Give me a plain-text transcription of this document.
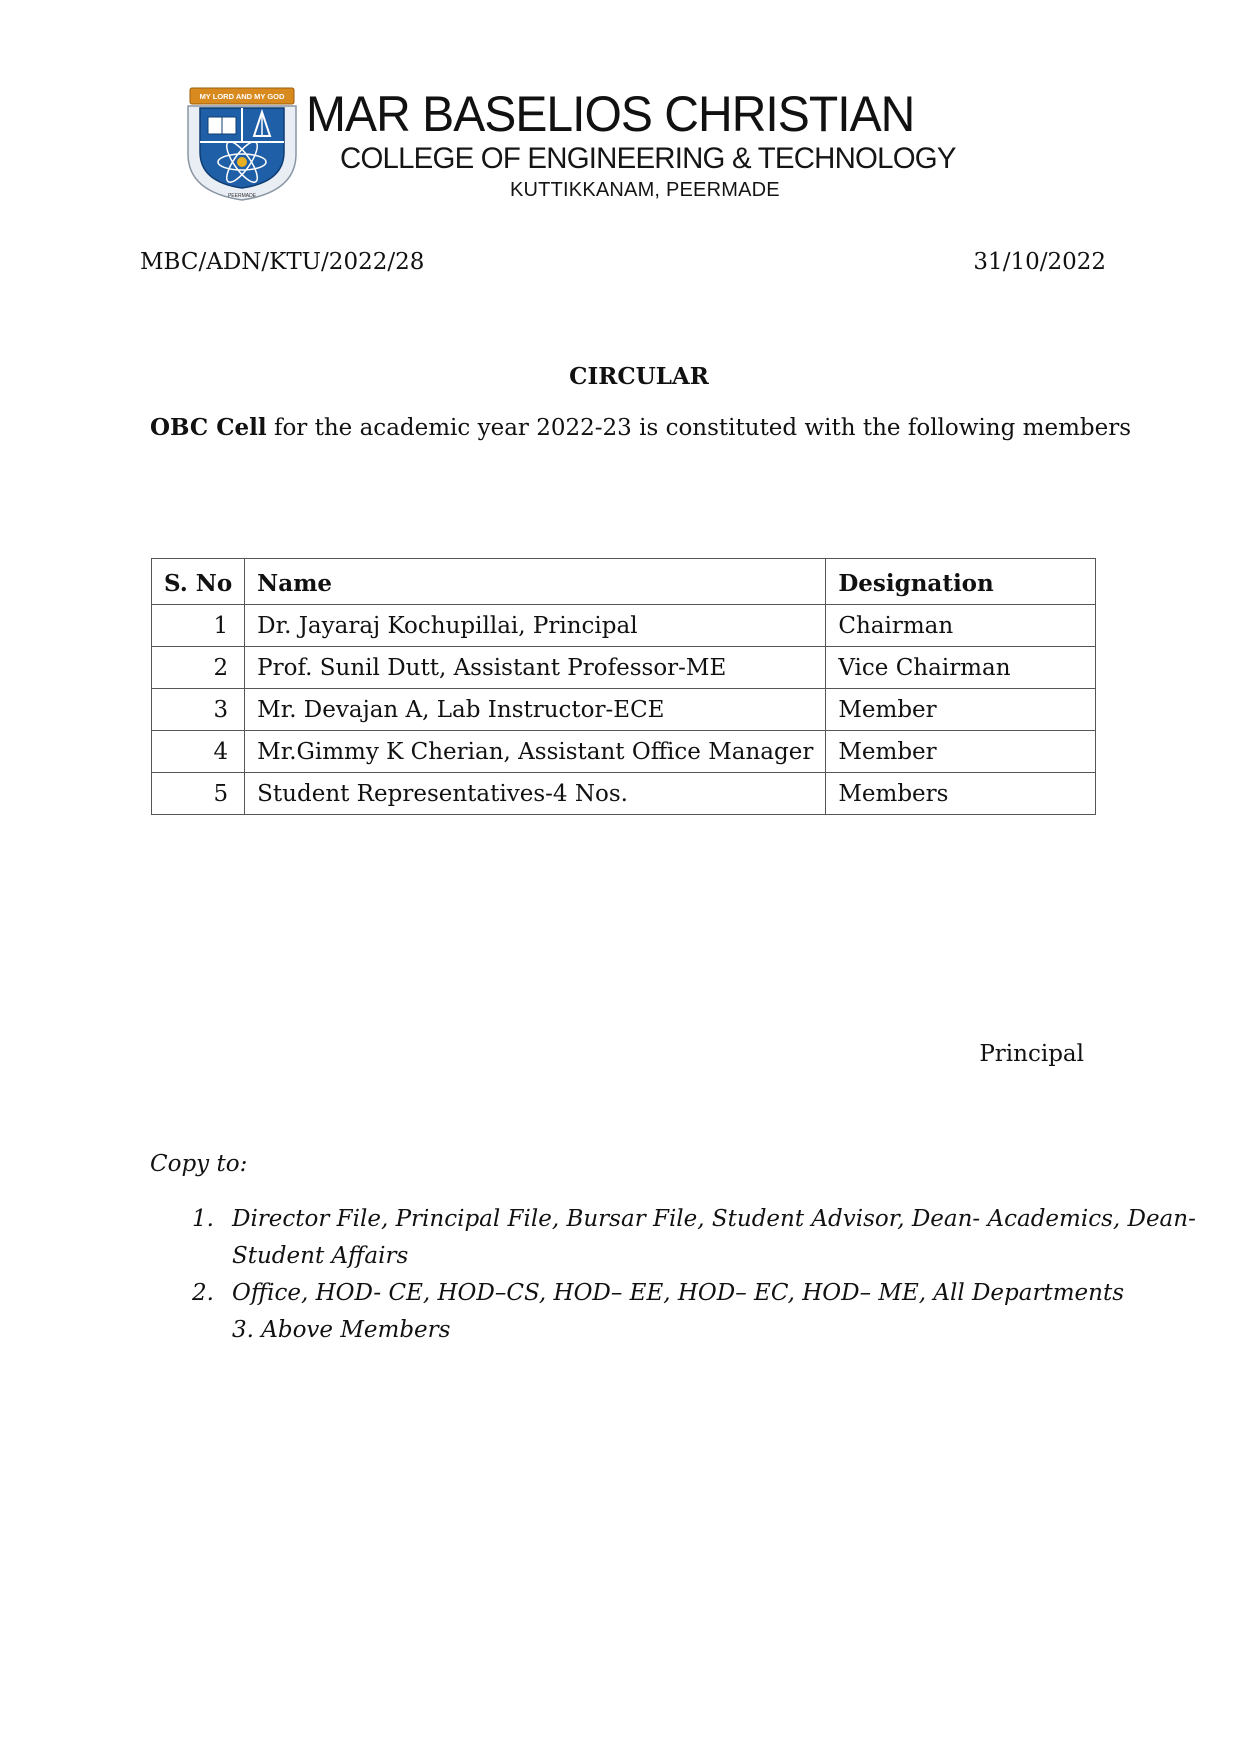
MY LORD AND MY GOD
PEERMADE
MAR BASELIOS CHRISTIAN
COLLEGE OF ENGINEERING & TECHNOLOGY
KUTTIKKANAM, PEERMADE
MBC/ADN/KTU/2022/28	31/10/2022
CIRCULAR
OBC Cell for the academic year 2022-23 is constituted with the following members
S. No	Name	Designation
1	Dr. Jayaraj Kochupillai, Principal	Chairman
2	Prof. Sunil Dutt, Assistant Professor-ME	Vice Chairman
3	Mr. Devajan A, Lab Instructor-ECE	Member
4	Mr.Gimmy K Cherian, Assistant Office Manager	Member
5	Student Representatives-4 Nos.	Members
Principal
Copy to:
1. Director File, Principal File, Bursar File, Student Advisor, Dean- Academics, Dean-
Student Affairs
2. Office, HOD- CE, HOD–CS, HOD– EE, HOD– EC, HOD– ME, All Departments
3. Above Members
